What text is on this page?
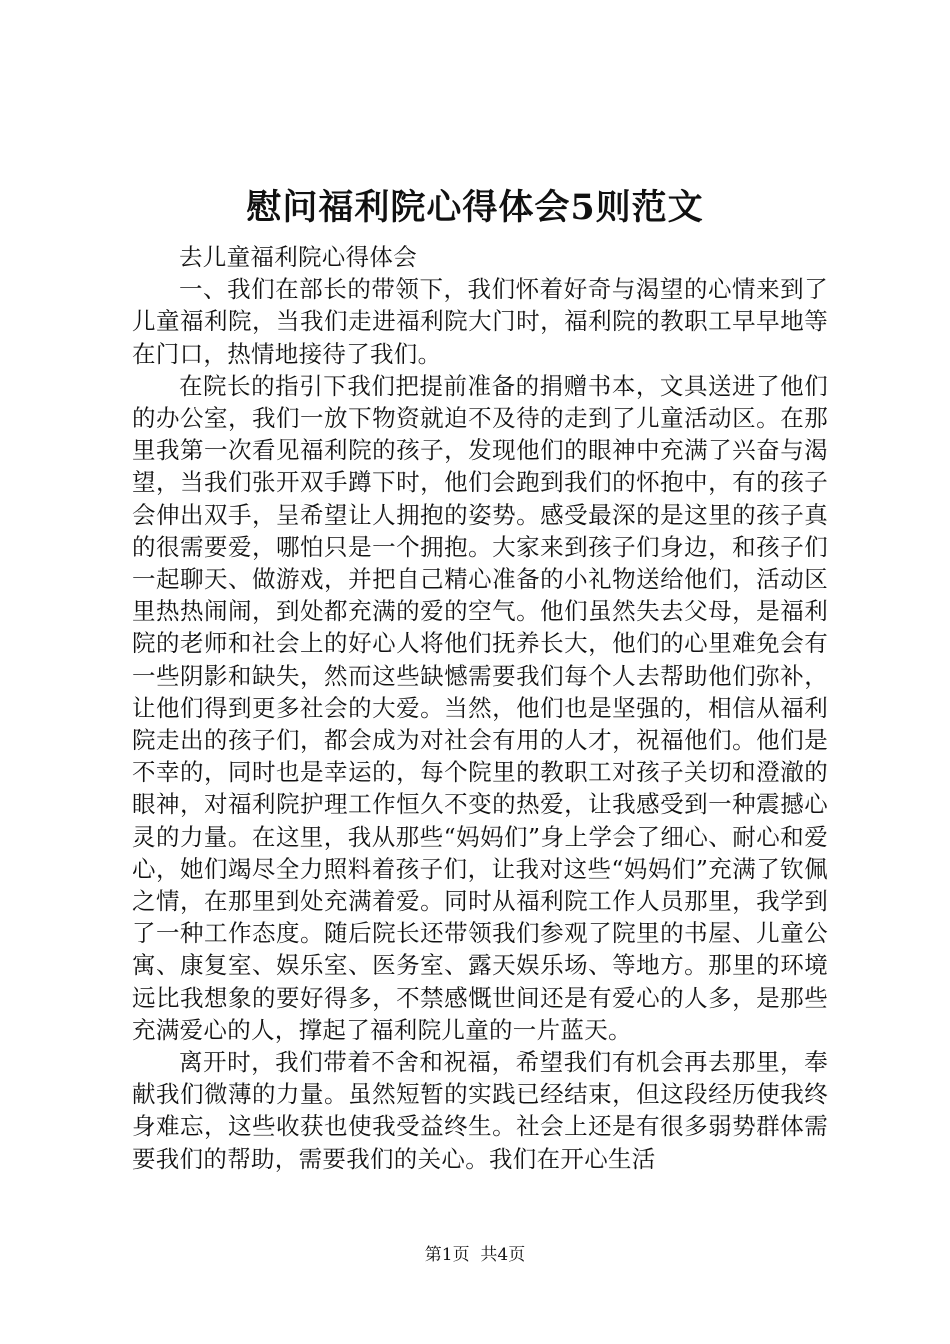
慰问福利院心得体会5则范文

去儿童福利院心得体会

一、我们在部长的带领下，我们怀着好奇与渴望的心情来到了儿童福利院，当我们走进福利院大门时，福利院的教职工早早地等在门口，热情地接待了我们。

在院长的指引下我们把提前准备的捐赠书本，文具送进了他们的办公室，我们一放下物资就迫不及待的走到了儿童活动区。在那里我第一次看见福利院的孩子，发现他们的眼神中充满了兴奋与渴望，当我们张开双手蹲下时，他们会跑到我们的怀抱中，有的孩子会伸出双手，呈希望让人拥抱的姿势。感受最深的是这里的孩子真的很需要爱，哪怕只是一个拥抱。大家来到孩子们身边，和孩子们一起聊天、做游戏，并把自己精心准备的小礼物送给他们，活动区里热热闹闹，到处都充满的爱的空气。他们虽然失去父母，是福利院的老师和社会上的好心人将他们抚养长大，他们的心里难免会有一些阴影和缺失，然而这些缺憾需要我们每个人去帮助他们弥补，让他们得到更多社会的大爱。当然，他们也是坚强的，相信从福利院走出的孩子们，都会成为对社会有用的人才，祝福他们。他们是不幸的，同时也是幸运的，每个院里的教职工对孩子关切和澄澈的眼神，对福利院护理工作恒久不变的热爱，让我感受到一种震撼心灵的力量。在这里，我从那些“妈妈们”身上学会了细心、耐心和爱心，她们竭尽全力照料着孩子们，让我对这些“妈妈们”充满了钦佩之情，在那里到处充满着爱。同时从福利院工作人员那里，我学到了一种工作态度。随后院长还带领我们参观了院里的书屋、儿童公寓、康复室、娱乐室、医务室、露天娱乐场、等地方。那里的环境远比我想象的要好得多，不禁感慨世间还是有爱心的人多，是那些充满爱心的人，撑起了福利院儿童的一片蓝天。

离开时，我们带着不舍和祝福，希望我们有机会再去那里，奉献我们微薄的力量。虽然短暂的实践已经结束，但这段经历使我终身难忘，这些收获也使我受益终生。社会上还是有很多弱势群体需要我们的帮助，需要我们的关心。我们在开心生活

第1页 共4页
